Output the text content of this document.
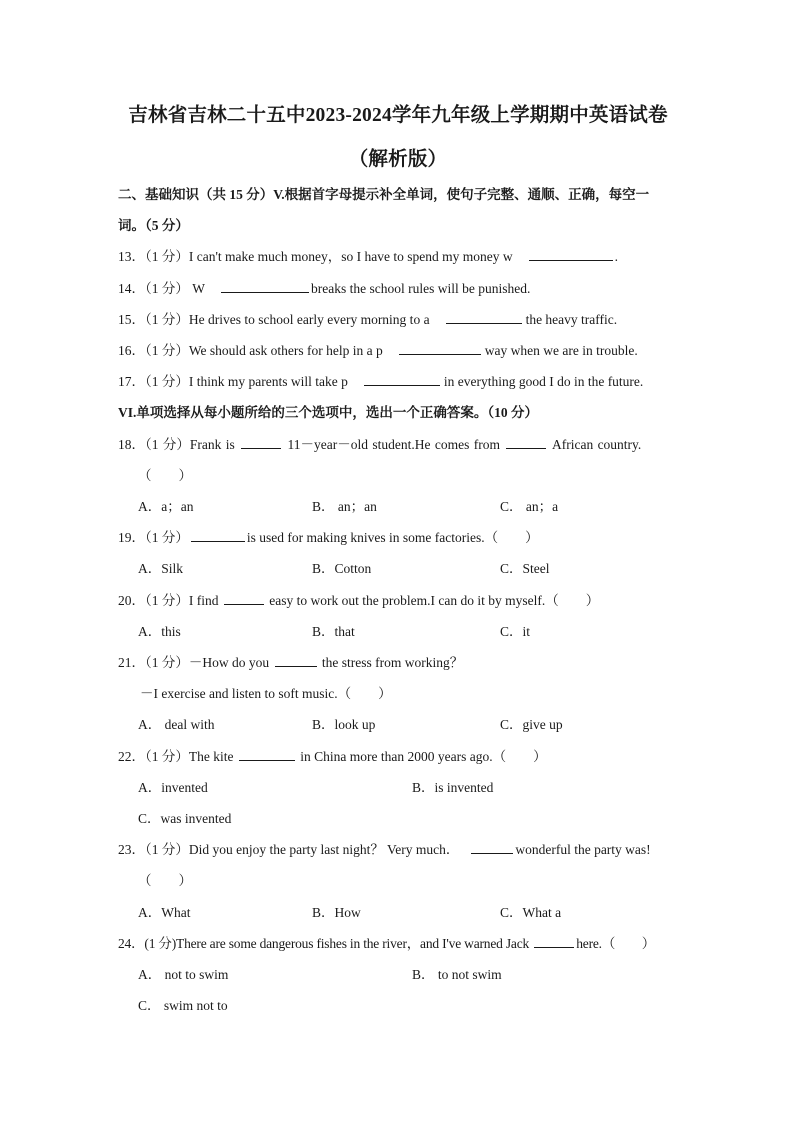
吉林省吉林二十五中2023-2024学年九年级上学期期中英语试卷
（解析版）
二、基础知识（共 15 分）V.根据首字母提示补全单词，使句子完整、通顺、正确，每空一
词。（5 分）
13．（1 分）I can't make much money，so I have to spend my money w	.
14．（1 分） W	breaks the school rules will be punished.
15．（1 分）He drives to school early every morning to a	the heavy traffic.
16．（1 分）We should ask others for help in a p	way when we are in trouble.
17．（1 分）I think my parents will take p	in everything good I do in the future.
VI.单项选择从每小题所给的三个选项中，选出一个正确答案。（10 分）
18．（1 分）Frank is	11－year－old student.He comes from	African country.
（　　）
A．a；an	B． an；an	C． an；a
19．（1 分）	is used for making knives in some factories.（　　）
A．Silk	B．Cotton	C．Steel
20．（1 分）I find	easy to work out the problem.I can do it by myself.（　　）
A．this	B．that	C．it
21．（1 分）－How do you	the stress from working？
－I exercise and listen to soft music.（　　）
A． deal with	B．look up	C．give up
22．（1 分）The kite	in China more than 2000 years ago.（　　）
A．invented	B．is invented
C．was invented
23．（1 分）Did you enjoy the party last night？ Very much．	wonderful the party was!
（　　）
A．What	B．How	C．What a
24．(1 分)There are some dangerous fishes in the river，and I've warned Jack	here.（　　）
A． not to swim	B． to not swim
C． swim not to
